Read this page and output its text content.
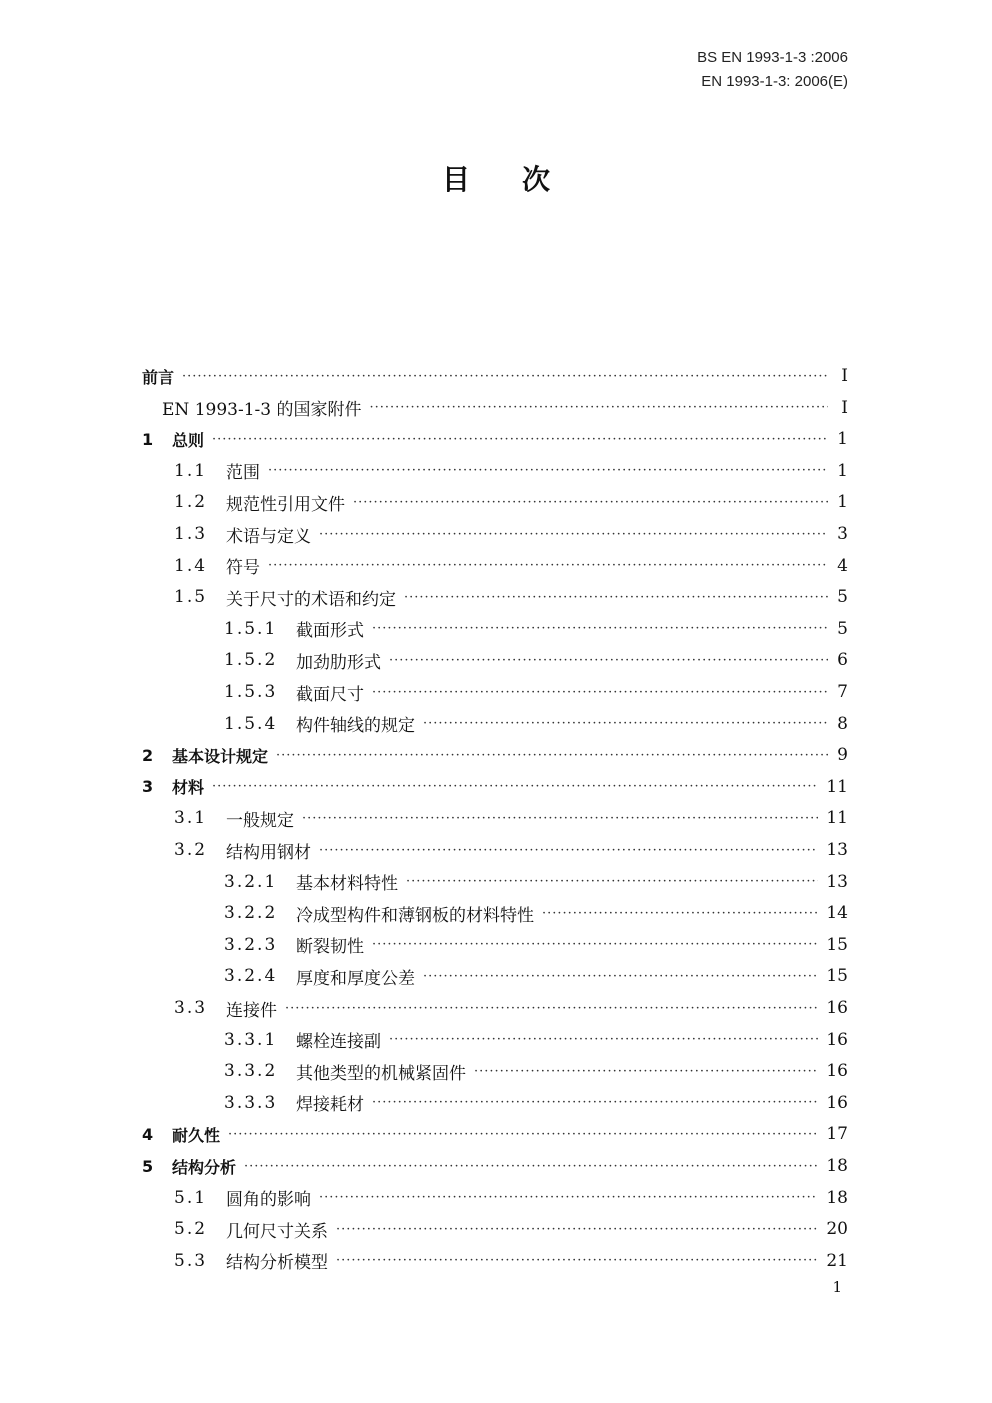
BS EN 1993-1-3 :2006
EN 1993-1-3: 2006(E)
目次
前言 ·····	Ⅰ
EN 1993-1-3 的国家附件 ·····	Ⅰ
1	总则 ·····	1
1.1	范围 ·····	1
1.2	规范性引用文件 ·····	1
1.3	术语与定义 ·····	3
1.4	符号 ·····	4
1.5	关于尺寸的术语和约定 ·····	5
1.5.1	截面形式 ·····	5
1.5.2	加劲肋形式 ·····	6
1.5.3	截面尺寸 ·····	7
1.5.4	构件轴线的规定 ·····	8
2	基本设计规定 ·····	9
3	材料 ·····	11
3.1	一般规定 ·····	11
3.2	结构用钢材 ·····	13
3.2.1	基本材料特性 ·····	13
3.2.2	冷成型构件和薄钢板的材料特性 ·····	14
3.2.3	断裂韧性 ·····	15
3.2.4	厚度和厚度公差 ·····	15
3.3	连接件 ·····	16
3.3.1	螺栓连接副 ·····	16
3.3.2	其他类型的机械紧固件 ·····	16
3.3.3	焊接耗材 ·····	16
4	耐久性 ·····	17
5	结构分析 ·····	18
5.1	圆角的影响 ·····	18
5.2	几何尺寸关系 ·····	20
5.3	结构分析模型 ·····	21
1
